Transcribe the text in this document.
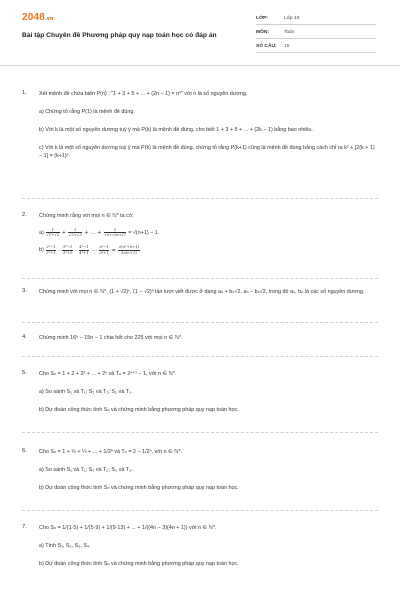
2048.vn
Bài tập Chuyên đề Phương pháp quy nạp toán học có đáp án
LỚP:	Lớp 10
MÔN:	Toán
SỐ CÂU:	15
1. Xét mệnh đề chứa biến P(n) : "1 + 3 + 5 + ... + (2n − 1) = n²" với n là số nguyên dương.
a) Chứng tỏ rằng P(1) là mệnh đề đúng.
b) Với k là một số nguyên dương tuỳ ý mà P(k) là mệnh đề đúng, cho biết 1 + 3 + 5 + ... + (2k − 1) bằng bao nhiêu.
c) Với k là một số nguyên dương tuỳ ý mà P(k) là mệnh đề đúng, chứng tỏ rằng P(k+1) cũng là mệnh đề đúng bằng cách chỉ ra k² + [2(k + 1) − 1] = (k+1)².
2. Chứng minh rằng với mọi n ∈ ℕ* ta có:
$a) \frac{1}{√1+√2} + \frac{1}{√2+√3}$ + … + $\frac{1}{√n+√(n+1)} = √(n+1) - 1$.
$b) \frac{\text{2²−1}}{\text{2²+1}} \cdot \frac{\text{3²−1}}{\text{3²+1}} \cdot \frac{\text{4²−1}}{\text{4²+1}}$ ⋯ $\frac{\text{n²−1}}{\text{n²+1}} = \frac{\text{2(n²+n+1)}}{3n(n+1)}$
3. Chứng minh với mọi n ∈ ℕ*, (1 + √2)ⁿ, (1 − √2)ⁿ lần lượt viết được ở dạng aₙ + bₙ√2, aₙ − bₙ√2, trong đó aₙ, bₙ là các số nguyên dương.
4. Chứng minh 16ⁿ − 15n − 1 chia hết cho 225 với mọi n ∈ ℕ*.
5. Cho Sₙ = 1 + 2 + 2² + ... + 2ⁿ và Tₙ = 2ⁿ⁺¹ − 1, với n ∈ ℕ*.
a) So sánh S₁ và T₁; S₂ và T₂; S₃ và T₃.
b) Dự đoán công thức tính Sₙ và chứng minh bằng phương pháp quy nạp toán học.
6. Cho Sₙ = 1 + ½ + ¼ + ... + 1/2ⁿ và Tₙ = 2 − 1/2ⁿ, với n ∈ ℕ*.
a) So sánh S₁ và T₁; S₂ và T₂; S₃ và T₃.
b) Dự đoán công thức tính Sₙ và chứng minh bằng phương pháp quy nạp toán học.
7. Cho Sₙ = 1/(1·5) + 1/(5·9) + 1/(9·13) + ... + 1/((4n − 3)(4n + 1)) với n ∈ ℕ*.
a) Tính S₁, S₂, S₃, S₄.
b) Dự đoán công thức tính Sₙ và chứng minh bằng phương pháp quy nạp toán học.
